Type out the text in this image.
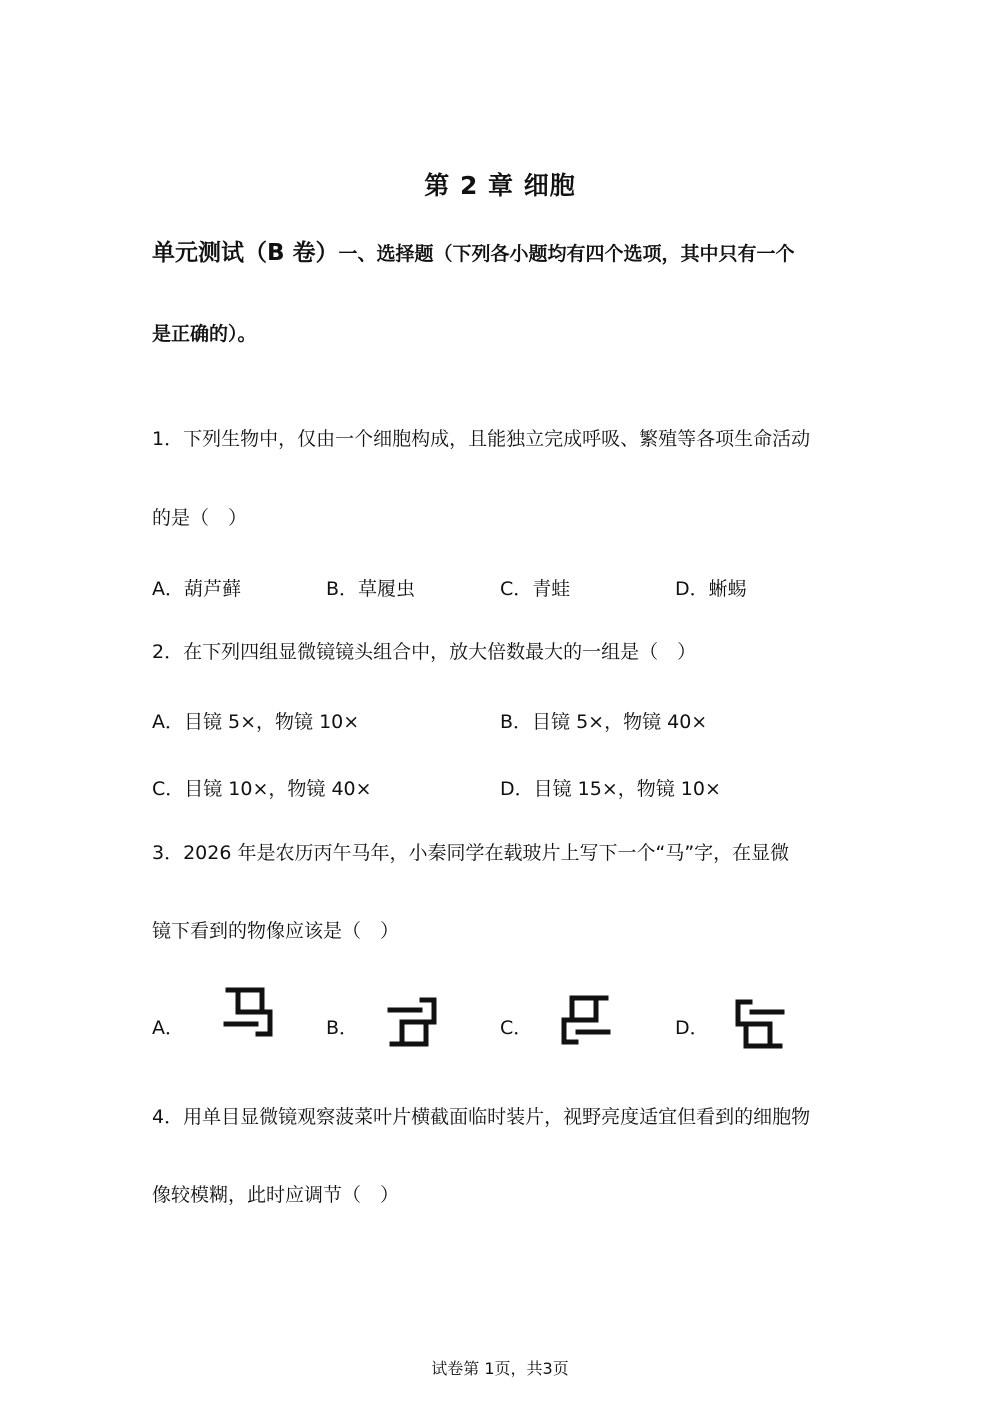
第 2 章 细胞
单元测试（B 卷）一、选择题（下列各小题均有四个选项，其中只有一个
是正确的）。
1．下列生物中，仅由一个细胞构成，且能独立完成呼吸、繁殖等各项生命活动
的是（　）
A．葫芦藓	B．草履虫	C．青蛙	D．蜥蜴
2．在下列四组显微镜镜头组合中，放大倍数最大的一组是（　）
A．目镜 5×，物镜 10×	B．目镜 5×，物镜 40×
C．目镜 10×，物镜 40×	D．目镜 15×，物镜 10×
3．2026 年是农历丙午马年，小秦同学在载玻片上写下一个“马”字，在显微
镜下看到的物像应该是（　）
A．	B．	C．	D．
4．用单目显微镜观察菠菜叶片横截面临时装片，视野亮度适宜但看到的细胞物
像较模糊，此时应调节（　）
试卷第 1页，共3页
